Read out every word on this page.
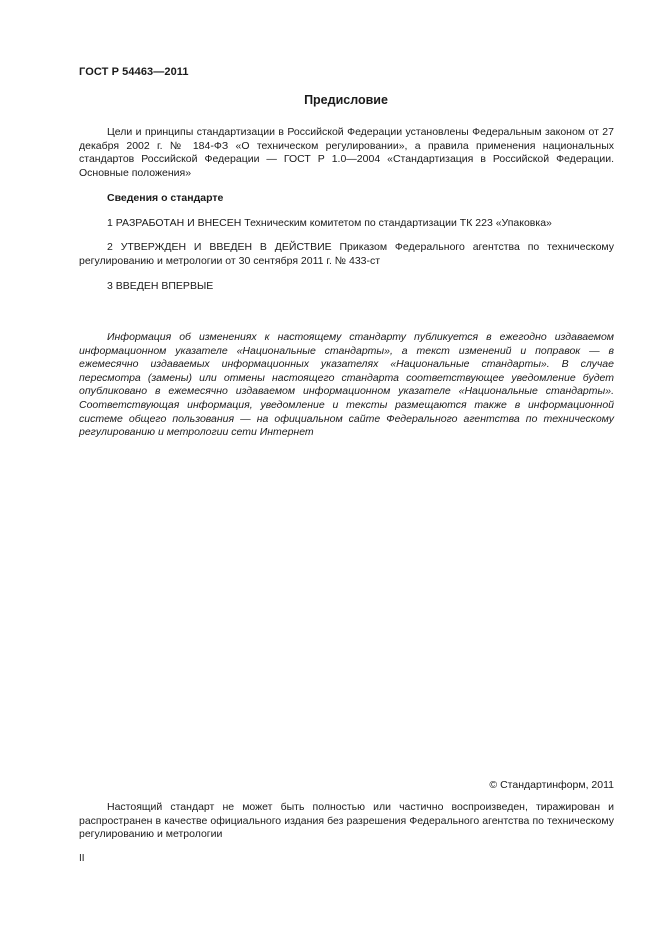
ГОСТ Р 54463—2011
Предисловие
Цели и принципы стандартизации в Российской Федерации установлены Федеральным законом от 27 декабря 2002 г. № 184-ФЗ «О техническом регулировании», а правила применения национальных стандартов Российской Федерации — ГОСТ Р 1.0—2004 «Стандартизация в Российской Федерации. Основные положения»
Сведения о стандарте
1 РАЗРАБОТАН И ВНЕСЕН Техническим комитетом по стандартизации ТК 223 «Упаковка»
2 УТВЕРЖДЕН И ВВЕДЕН В ДЕЙСТВИЕ Приказом Федерального агентства по техническому регулированию и метрологии от 30 сентября 2011 г. № 433-ст
3 ВВЕДЕН ВПЕРВЫЕ
Информация об изменениях к настоящему стандарту публикуется в ежегодно издаваемом информационном указателе «Национальные стандарты», а текст изменений и поправок — в ежемесячно издаваемых информационных указателях «Национальные стандарты». В случае пересмотра (замены) или отмены настоящего стандарта соответствующее уведомление будет опубликовано в ежемесячно издаваемом информационном указателе «Национальные стандарты». Соответствующая информация, уведомление и тексты размещаются также в информационной системе общего пользования — на официальном сайте Федерального агентства по техническому регулированию и метрологии сети Интернет
© Стандартинформ, 2011
Настоящий стандарт не может быть полностью или частично воспроизведен, тиражирован и распространен в качестве официального издания без разрешения Федерального агентства по техническому регулированию и метрологии
II
